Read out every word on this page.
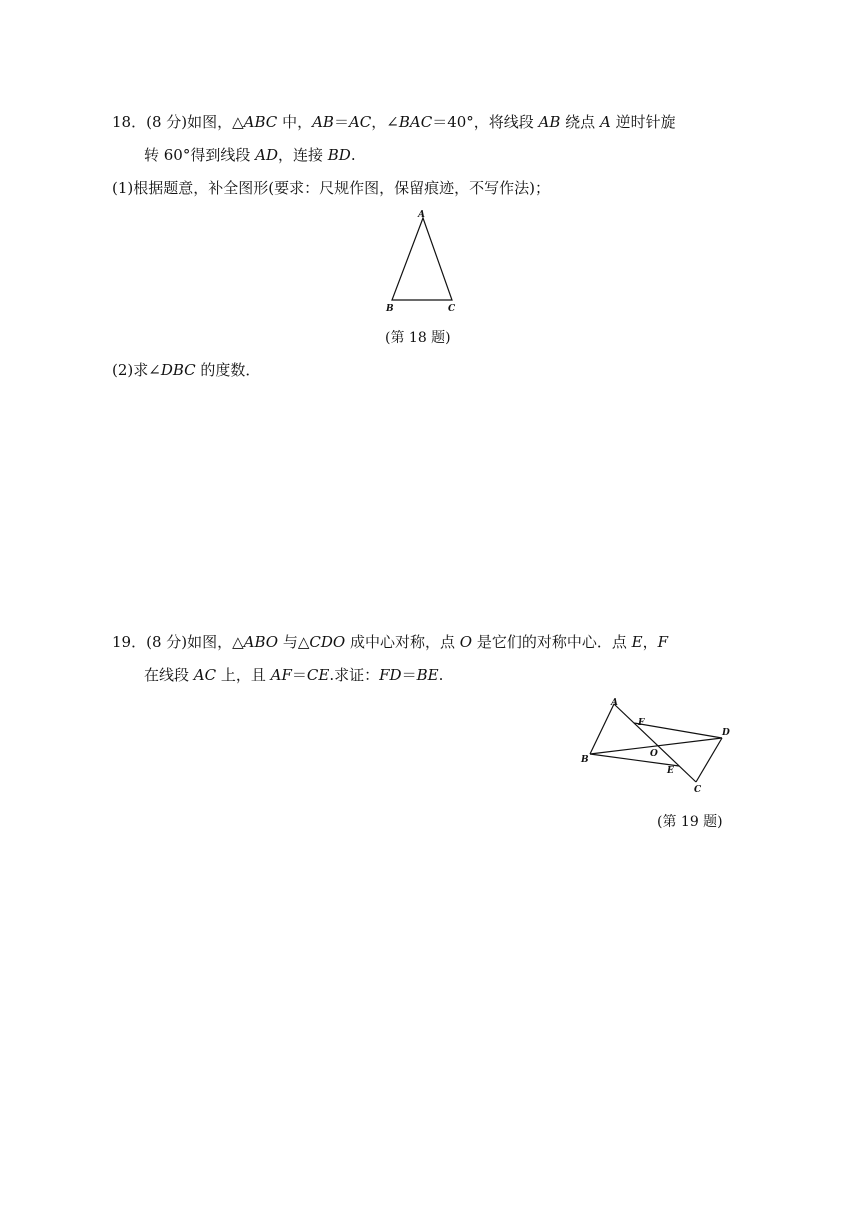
18．(8 分)如图，△ABC 中，AB＝AC，∠BAC＝40°，将线段 AB 绕点 A 逆时针旋
转 60°得到线段 AD，连接 BD.
(1)根据题意，补全图形(要求：尺规作图，保留痕迹，不写作法)；
A
B	C
(第 18 题)
(2)求∠DBC 的度数．
19．(8 分)如图，△ABO 与△CDO 成中心对称，点 O 是它们的对称中心．点 E，F
在线段 AC 上，且 AF＝CE.求证：FD＝BE.
A
F
D
O
B
E
C
(第 19 题)
